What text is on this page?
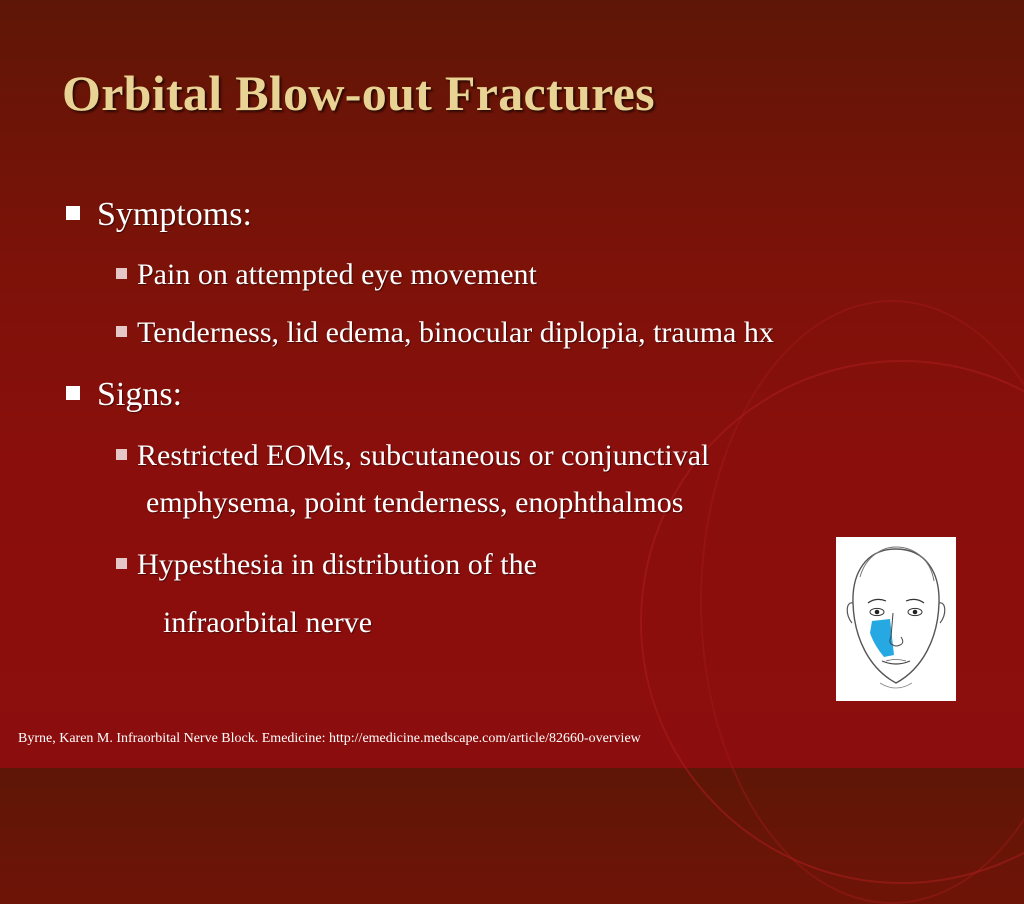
Orbital Blow-out Fractures
Symptoms:
Pain on attempted eye movement
Tenderness, lid edema, binocular diplopia, trauma hx
Signs:
Restricted EOMs, subcutaneous or conjunctival
emphysema, point tenderness, enophthalmos
Hypesthesia in distribution of the
infraorbital nerve
Byrne, Karen M. Infraorbital Nerve Block. Emedicine: http://emedicine.medscape.com/article/82660-overview
